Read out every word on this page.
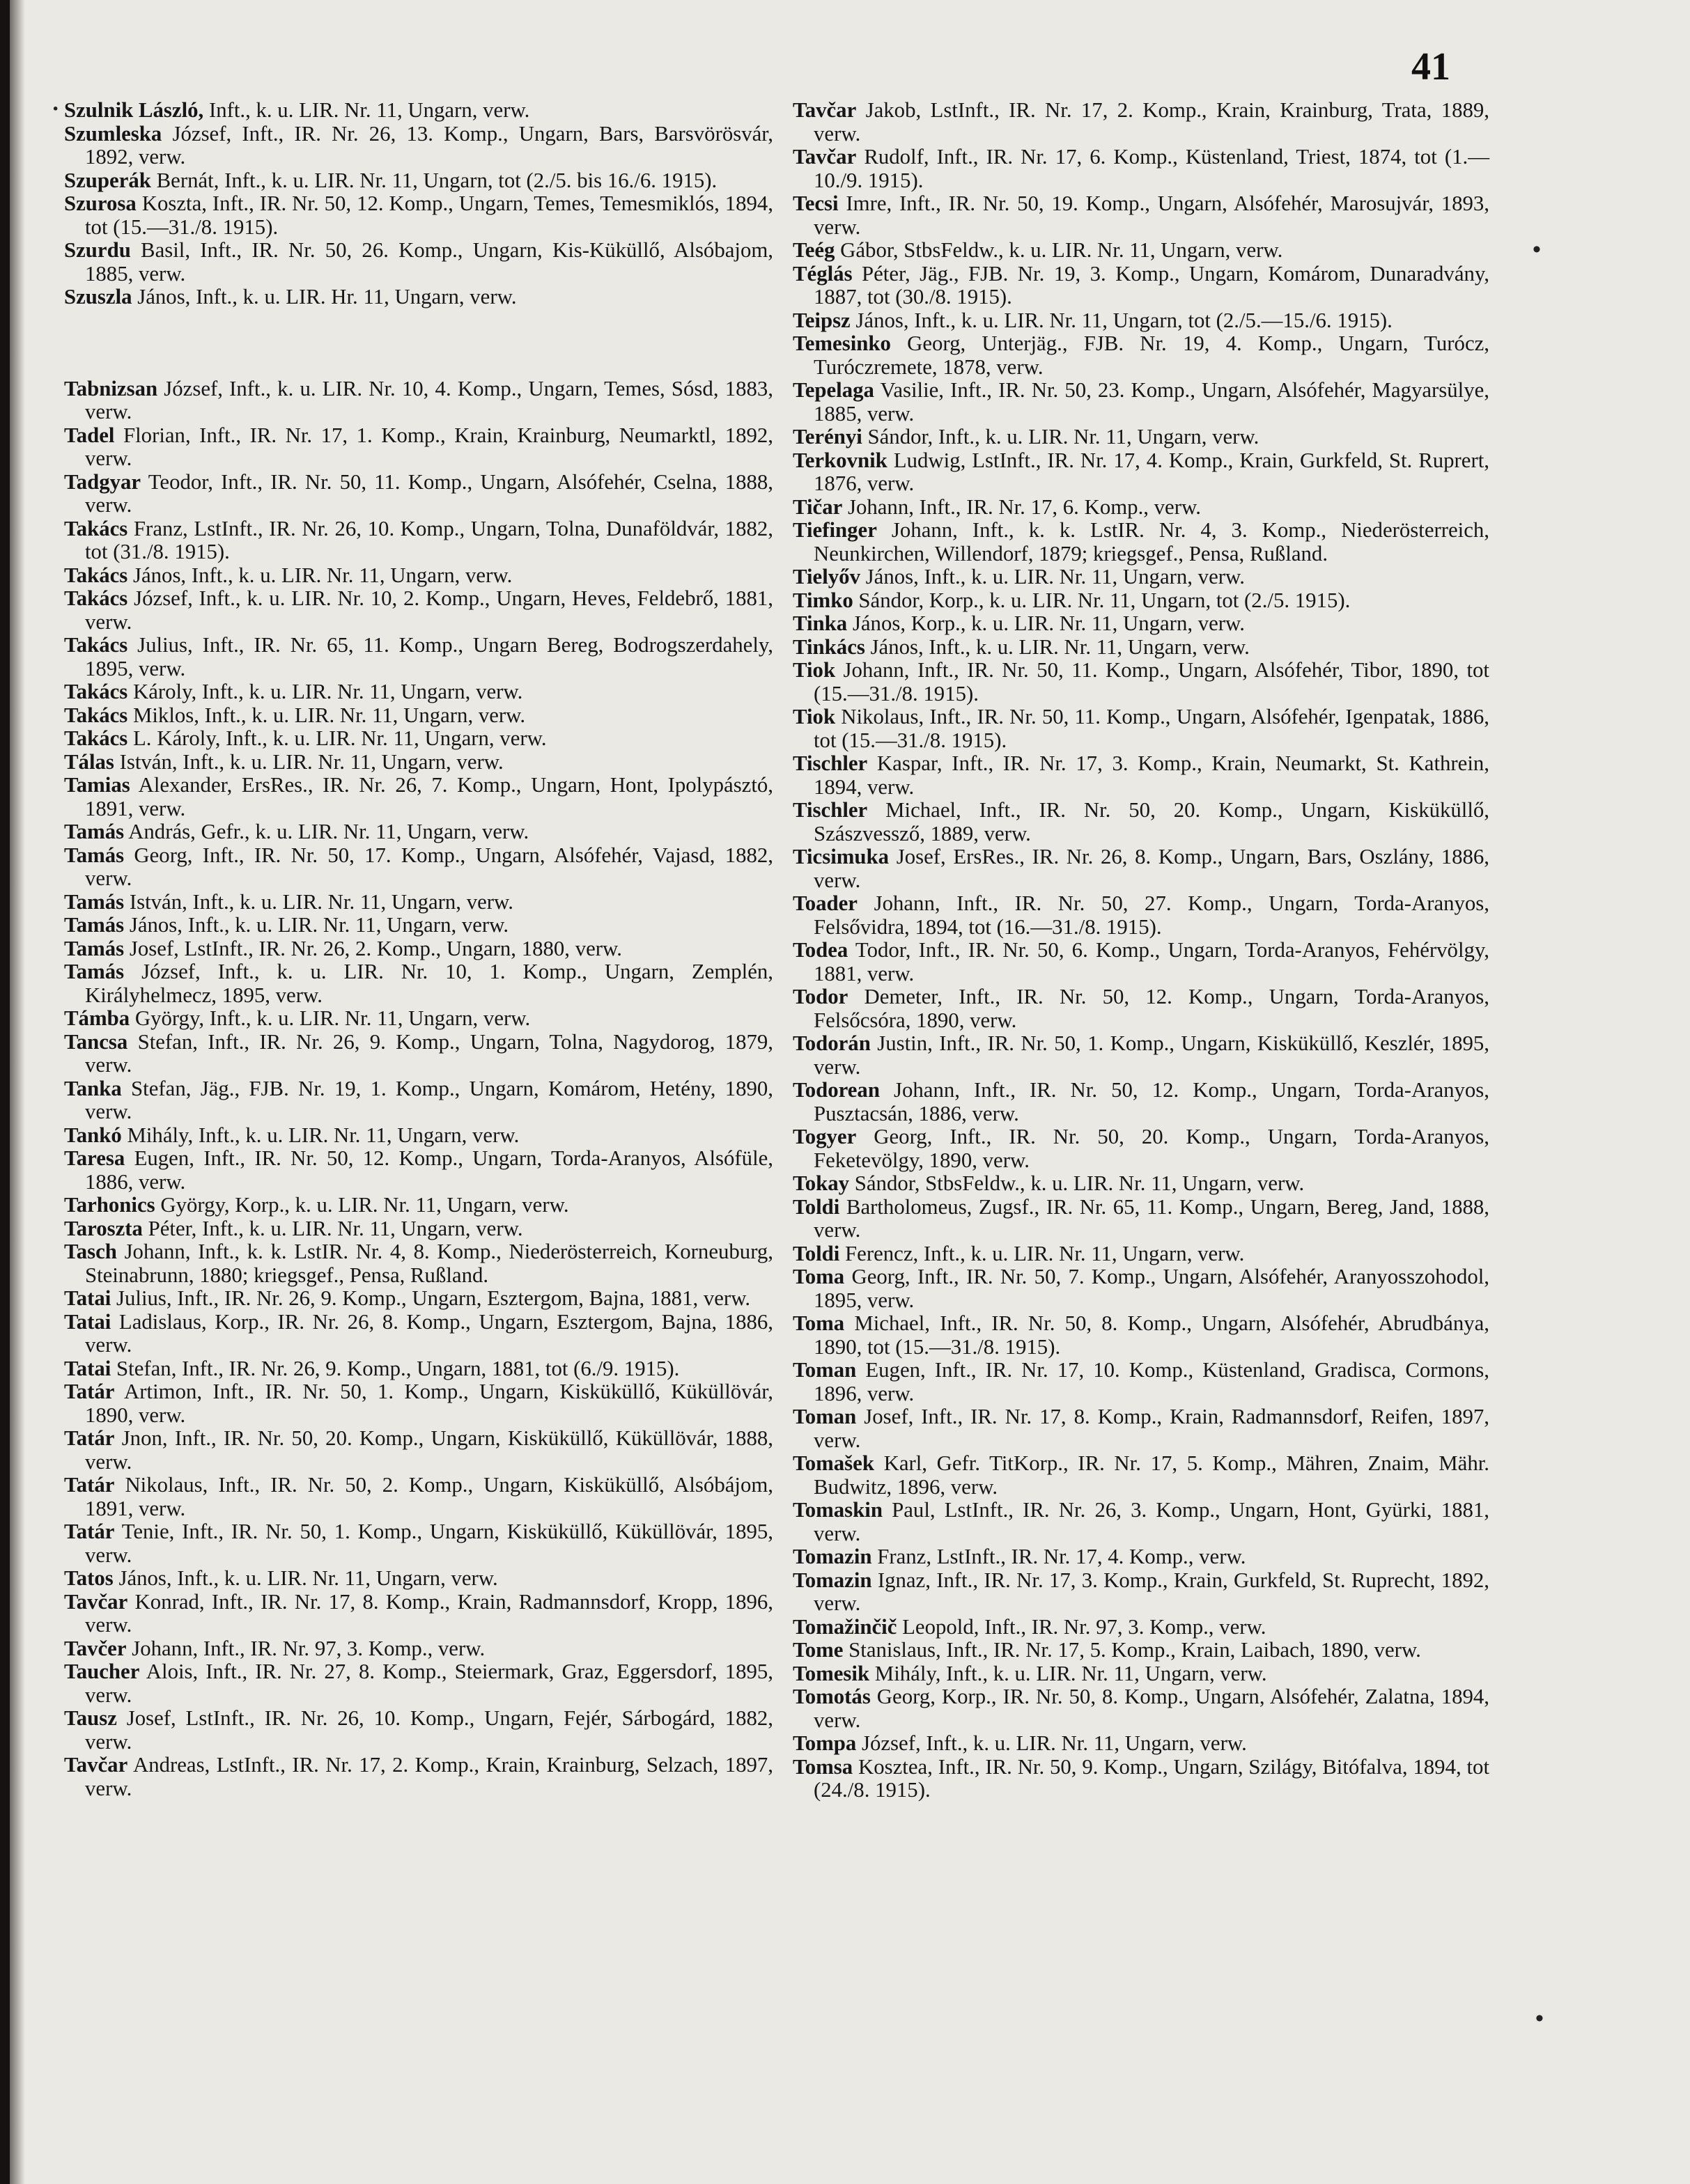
41

Szulnik László, Inft., k. u. LIR. Nr. 11, Ungarn, verw.

Szumleska József, Inft., IR. Nr. 26, 13. Komp., Ungarn, Bars, Barsvörösvár, 1892, verw.

Szuperák Bernát, Inft., k. u. LIR. Nr. 11, Ungarn, tot (2./5. bis 16./6. 1915).

Szurosa Koszta, Inft., IR. Nr. 50, 12. Komp., Ungarn, Temes, Temesmiklós, 1894, tot (15.—31./8. 1915).

Szurdu Basil, Inft., IR. Nr. 50, 26. Komp., Ungarn, Kis-Küküllő, Alsóbajom, 1885, verw.

Szuszla János, Inft., k. u. LIR. Hr. 11, Ungarn, verw.

Tabnizsan József, Inft., k. u. LIR. Nr. 10, 4. Komp., Ungarn, Temes, Sósd, 1883, verw.

Tadel Florian, Inft., IR. Nr. 17, 1. Komp., Krain, Krainburg, Neumarktl, 1892, verw.

Tadgyar Teodor, Inft., IR. Nr. 50, 11. Komp., Ungarn, Alsófehér, Cselna, 1888, verw.

Takács Franz, LstInft., IR. Nr. 26, 10. Komp., Ungarn, Tolna, Dunaföldvár, 1882, tot (31./8. 1915).

Takács János, Inft., k. u. LIR. Nr. 11, Ungarn, verw.

Takács József, Inft., k. u. LIR. Nr. 10, 2. Komp., Ungarn, Heves, Feldebrő, 1881, verw.

Takács Julius, Inft., IR. Nr. 65, 11. Komp., Ungarn Bereg, Bodrogszerdahely, 1895, verw.

Takács Károly, Inft., k. u. LIR. Nr. 11, Ungarn, verw.

Takács Miklos, Inft., k. u. LIR. Nr. 11, Ungarn, verw.

Takács L. Károly, Inft., k. u. LIR. Nr. 11, Ungarn, verw.

Tálas István, Inft., k. u. LIR. Nr. 11, Ungarn, verw.

Tamias Alexander, ErsRes., IR. Nr. 26, 7. Komp., Ungarn, Hont, Ipolypásztó, 1891, verw.

Tamás András, Gefr., k. u. LIR. Nr. 11, Ungarn, verw.

Tamás Georg, Inft., IR. Nr. 50, 17. Komp., Ungarn, Alsófehér, Vajasd, 1882, verw.

Tamás István, Inft., k. u. LIR. Nr. 11, Ungarn, verw.

Tamás János, Inft., k. u. LIR. Nr. 11, Ungarn, verw.

Tamás Josef, LstInft., IR. Nr. 26, 2. Komp., Ungarn, 1880, verw.

Tamás József, Inft., k. u. LIR. Nr. 10, 1. Komp., Ungarn, Zemplén, Királyhelmecz, 1895, verw.

Támba György, Inft., k. u. LIR. Nr. 11, Ungarn, verw.

Tancsa Stefan, Inft., IR. Nr. 26, 9. Komp., Ungarn, Tolna, Nagydorog, 1879, verw.

Tanka Stefan, Jäg., FJB. Nr. 19, 1. Komp., Ungarn, Komárom, Hetény, 1890, verw.

Tankó Mihály, Inft., k. u. LIR. Nr. 11, Ungarn, verw.

Taresa Eugen, Inft., IR. Nr. 50, 12. Komp., Ungarn, Torda-Aranyos, Alsófüle, 1886, verw.

Tarhonics György, Korp., k. u. LIR. Nr. 11, Ungarn, verw.

Taroszta Péter, Inft., k. u. LIR. Nr. 11, Ungarn, verw.

Tasch Johann, Inft., k. k. LstIR. Nr. 4, 8. Komp., Niederösterreich, Korneuburg, Steinabrunn, 1880; kriegsgef., Pensa, Rußland.

Tatai Julius, Inft., IR. Nr. 26, 9. Komp., Ungarn, Esztergom, Bajna, 1881, verw.

Tatai Ladislaus, Korp., IR. Nr. 26, 8. Komp., Ungarn, Esztergom, Bajna, 1886, verw.

Tatai Stefan, Inft., IR. Nr. 26, 9. Komp., Ungarn, 1881, tot (6./9. 1915).

Tatár Artimon, Inft., IR. Nr. 50, 1. Komp., Ungarn, Kisküküllő, Küküllövár, 1890, verw.

Tatár Jnon, Inft., IR. Nr. 50, 20. Komp., Ungarn, Kisküküllő, Küküllövár, 1888, verw.

Tatár Nikolaus, Inft., IR. Nr. 50, 2. Komp., Ungarn, Kisküküllő, Alsóbájom, 1891, verw.

Tatár Tenie, Inft., IR. Nr. 50, 1. Komp., Ungarn, Kisküküllő, Küküllövár, 1895, verw.

Tatos János, Inft., k. u. LIR. Nr. 11, Ungarn, verw.

Tavčar Konrad, Inft., IR. Nr. 17, 8. Komp., Krain, Radmannsdorf, Kropp, 1896, verw.

Tavčer Johann, Inft., IR. Nr. 97, 3. Komp., verw.

Taucher Alois, Inft., IR. Nr. 27, 8. Komp., Steiermark, Graz, Eggersdorf, 1895, verw.

Tausz Josef, LstInft., IR. Nr. 26, 10. Komp., Ungarn, Fejér, Sárbogárd, 1882, verw.

Tavčar Andreas, LstInft., IR. Nr. 17, 2. Komp., Krain, Krainburg, Selzach, 1897, verw.

Tavčar Jakob, LstInft., IR. Nr. 17, 2. Komp., Krain, Krainburg, Trata, 1889, verw.

Tavčar Rudolf, Inft., IR. Nr. 17, 6. Komp., Küstenland, Triest, 1874, tot (1.—10./9. 1915).

Tecsi Imre, Inft., IR. Nr. 50, 19. Komp., Ungarn, Alsófehér, Marosujvár, 1893, verw.

Teég Gábor, StbsFeldw., k. u. LIR. Nr. 11, Ungarn, verw.

Téglás Péter, Jäg., FJB. Nr. 19, 3. Komp., Ungarn, Komárom, Dunaradvány, 1887, tot (30./8. 1915).

Teipsz János, Inft., k. u. LIR. Nr. 11, Ungarn, tot (2./5.—15./6. 1915).

Temesinko Georg, Unterjäg., FJB. Nr. 19, 4. Komp., Ungarn, Turócz, Turóczremete, 1878, verw.

Tepelaga Vasilie, Inft., IR. Nr. 50, 23. Komp., Ungarn, Alsófehér, Magyarsülye, 1885, verw.

Terényi Sándor, Inft., k. u. LIR. Nr. 11, Ungarn, verw.

Terkovnik Ludwig, LstInft., IR. Nr. 17, 4. Komp., Krain, Gurkfeld, St. Ruprert, 1876, verw.

Tičar Johann, Inft., IR. Nr. 17, 6. Komp., verw.

Tiefinger Johann, Inft., k. k. LstIR. Nr. 4, 3. Komp., Niederösterreich, Neunkirchen, Willendorf, 1879; kriegsgef., Pensa, Rußland.

Tielyőv János, Inft., k. u. LIR. Nr. 11, Ungarn, verw.

Timko Sándor, Korp., k. u. LIR. Nr. 11, Ungarn, tot (2./5. 1915).

Tinka János, Korp., k. u. LIR. Nr. 11, Ungarn, verw.

Tinkács János, Inft., k. u. LIR. Nr. 11, Ungarn, verw.

Tiok Johann, Inft., IR. Nr. 50, 11. Komp., Ungarn, Alsófehér, Tibor, 1890, tot (15.—31./8. 1915).

Tiok Nikolaus, Inft., IR. Nr. 50, 11. Komp., Ungarn, Alsófehér, Igenpatak, 1886, tot (15.—31./8. 1915).

Tischler Kaspar, Inft., IR. Nr. 17, 3. Komp., Krain, Neumarkt, St. Kathrein, 1894, verw.

Tischler Michael, Inft., IR. Nr. 50, 20. Komp., Ungarn, Kisküküllő, Szászvessző, 1889, verw.

Ticsimuka Josef, ErsRes., IR. Nr. 26, 8. Komp., Ungarn, Bars, Oszlány, 1886, verw.

Toader Johann, Inft., IR. Nr. 50, 27. Komp., Ungarn, Torda-Aranyos, Felsővidra, 1894, tot (16.—31./8. 1915).

Todea Todor, Inft., IR. Nr. 50, 6. Komp., Ungarn, Torda-Aranyos, Fehérvölgy, 1881, verw.

Todor Demeter, Inft., IR. Nr. 50, 12. Komp., Ungarn, Torda-Aranyos, Felsőcsóra, 1890, verw.

Todorán Justin, Inft., IR. Nr. 50, 1. Komp., Ungarn, Kisküküllő, Keszlér, 1895, verw.

Todorean Johann, Inft., IR. Nr. 50, 12. Komp., Ungarn, Torda-Aranyos, Pusztacsán, 1886, verw.

Togyer Georg, Inft., IR. Nr. 50, 20. Komp., Ungarn, Torda-Aranyos, Feketevölgy, 1890, verw.

Tokay Sándor, StbsFeldw., k. u. LIR. Nr. 11, Ungarn, verw.

Toldi Bartholomeus, Zugsf., IR. Nr. 65, 11. Komp., Ungarn, Bereg, Jand, 1888, verw.

Toldi Ferencz, Inft., k. u. LIR. Nr. 11, Ungarn, verw.

Toma Georg, Inft., IR. Nr. 50, 7. Komp., Ungarn, Alsófehér, Aranyosszohodol, 1895, verw.

Toma Michael, Inft., IR. Nr. 50, 8. Komp., Ungarn, Alsófehér, Abrudbánya, 1890, tot (15.—31./8. 1915).

Toman Eugen, Inft., IR. Nr. 17, 10. Komp., Küstenland, Gradisca, Cormons, 1896, verw.

Toman Josef, Inft., IR. Nr. 17, 8. Komp., Krain, Radmannsdorf, Reifen, 1897, verw.

Tomašek Karl, Gefr. TitKorp., IR. Nr. 17, 5. Komp., Mähren, Znaim, Mähr. Budwitz, 1896, verw.

Tomaskin Paul, LstInft., IR. Nr. 26, 3. Komp., Ungarn, Hont, Gyürki, 1881, verw.

Tomazin Franz, LstInft., IR. Nr. 17, 4. Komp., verw.

Tomazin Ignaz, Inft., IR. Nr. 17, 3. Komp., Krain, Gurkfeld, St. Ruprecht, 1892, verw.

Tomažinčič Leopold, Inft., IR. Nr. 97, 3. Komp., verw.

Tome Stanislaus, Inft., IR. Nr. 17, 5. Komp., Krain, Laibach, 1890, verw.

Tomesik Mihály, Inft., k. u. LIR. Nr. 11, Ungarn, verw.

Tomotás Georg, Korp., IR. Nr. 50, 8. Komp., Ungarn, Alsófehér, Zalatna, 1894, verw.

Tompa József, Inft., k. u. LIR. Nr. 11, Ungarn, verw.

Tomsa Kosztea, Inft., IR. Nr. 50, 9. Komp., Ungarn, Szilágy, Bitófalva, 1894, tot (24./8. 1915).

·
•
•
